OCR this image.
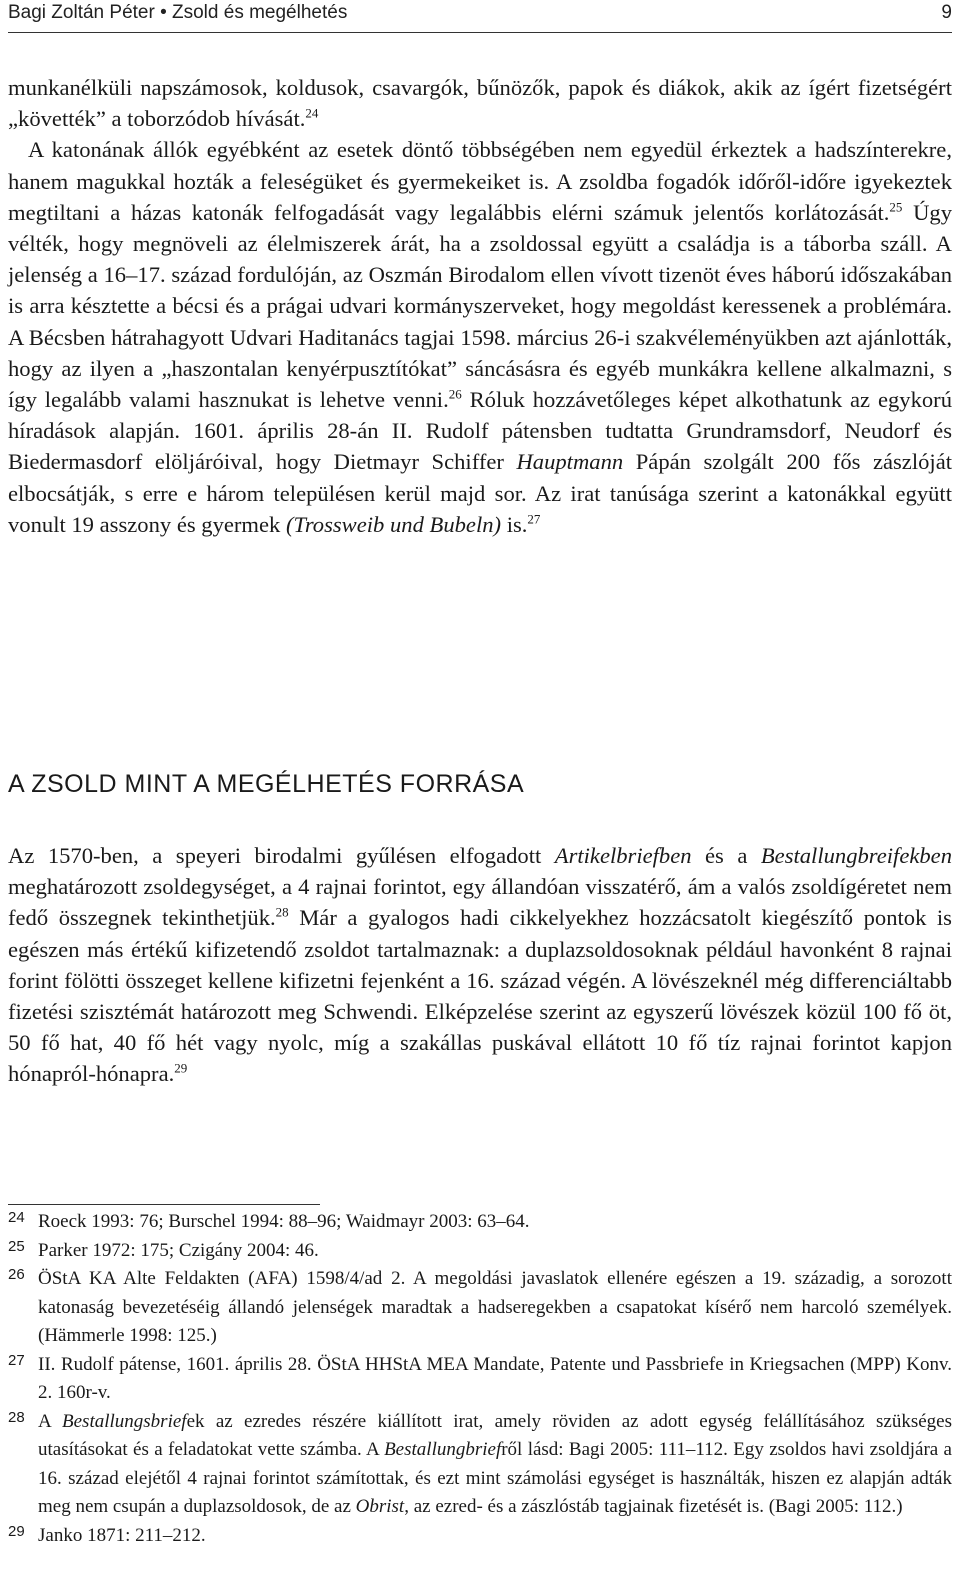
Bagi Zoltán Péter • Zsold és megélhetés	9

munkanélküli napszámosok, koldusok, csavargók, bűnözők, papok és diákok, akik az ígért fizetségért „követték” a toborzódob hívását.$^{24}$

A katonának állók egyébként az esetek döntő többségében nem egyedül érkeztek a hadszínterekre, hanem magukkal hozták a feleségüket és gyermekeiket is. A zsoldba fogadók időről-időre igyekeztek megtiltani a házas katonák felfogadását vagy legalábbis elérni számuk jelentős korlátozását.$^{25}$ Úgy vélték, hogy megnöveli az élelmiszerek árát, ha a zsoldossal együtt a családja is a táborba száll. A jelenség a 16–17. század fordulóján, az Oszmán Birodalom ellen vívott tizenöt éves háború időszakában is arra késztette a bécsi és a prágai udvari kormányszerveket, hogy megoldást keressenek a problémára. A Bécsben hátrahagyott Udvari Haditanács tagjai 1598. március 26-i szakvéleményükben azt ajánlották, hogy az ilyen a „haszontalan kenyérpusztítókat” sáncásásra és egyéb munkákra kellene alkalmazni, s így legalább valami hasznukat is lehetve venni.$^{26}$ Róluk hozzávetőleges képet alkothatunk az egykorú híradások alapján. 1601. április 28-án II. Rudolf pátensben tudtatta Grundramsdorf, Neudorf és Biedermasdorf elöljáróival, hogy Dietmayr Schiffer Hauptmann Pápán szolgált 200 fős zászlóját elbocsátják, s erre e három településen kerül majd sor. Az irat tanúsága szerint a katonákkal együtt vonult 19 asszony és gyermek (Trossweib und Bubeln) is.$^{27}$

A ZSOLD MINT A MEGÉLHETÉS FORRÁSA

Az 1570-ben, a speyeri birodalmi gyűlésen elfogadott Artikelbriefben és a Bestallungbreifekben meghatározott zsoldegységet, a 4 rajnai forintot, egy állandóan visszatérő, ám a valós zsoldígéretet nem fedő összegnek tekinthetjük.$^{28}$ Már a gyalogos hadi cikkelyekhez hozzácsatolt kiegészítő pontok is egészen más értékű kifizetendő zsoldot tartalmaznak: a duplazsoldosoknak például havonként 8 rajnai forint fölötti összeget kellene kifizetni fejenként a 16. század végén. A lövészeknél még differenciáltabb fizetési szisztémát határozott meg Schwendi. Elképzelése szerint az egyszerű lövészek közül 100 fő öt, 50 fő hat, 40 fő hét vagy nyolc, míg a szakállas puskával ellátott 10 fő tíz rajnai forintot kapjon hónapról-hónapra.$^{29}$

24 Roeck 1993: 76; Burschel 1994: 88–96; Waidmayr 2003: 63–64.
25 Parker 1972: 175; Czigány 2004: 46.
26 ÖStA KA Alte Feldakten (AFA) 1598/4/ad 2. A megoldási javaslatok ellenére egészen a 19. századig, a sorozott katonaság bevezetéséig állandó jelenségek maradtak a hadseregekben a csapatokat kísérő nem harcoló személyek. (Hämmerle 1998: 125.)
27 II. Rudolf pátense, 1601. április 28. ÖStA HHStA MEA Mandate, Patente und Passbriefe in Kriegsachen (MPP) Konv. 2. 160r-v.
28 A Bestallungsbriefek az ezredes részére kiállított irat, amely röviden az adott egység felállításához szükséges utasításokat és a feladatokat vette számba. A Bestallungbriefről lásd: Bagi 2005: 111–112. Egy zsoldos havi zsoldjára a 16. század elejétől 4 rajnai forintot számítottak, és ezt mint számolási egységet is használták, hiszen ez alapján adták meg nem csupán a duplazsoldosok, de az Obrist, az ezred- és a zászlóstáb tagjainak fizetését is. (Bagi 2005: 112.)
29 Janko 1871: 211–212.
